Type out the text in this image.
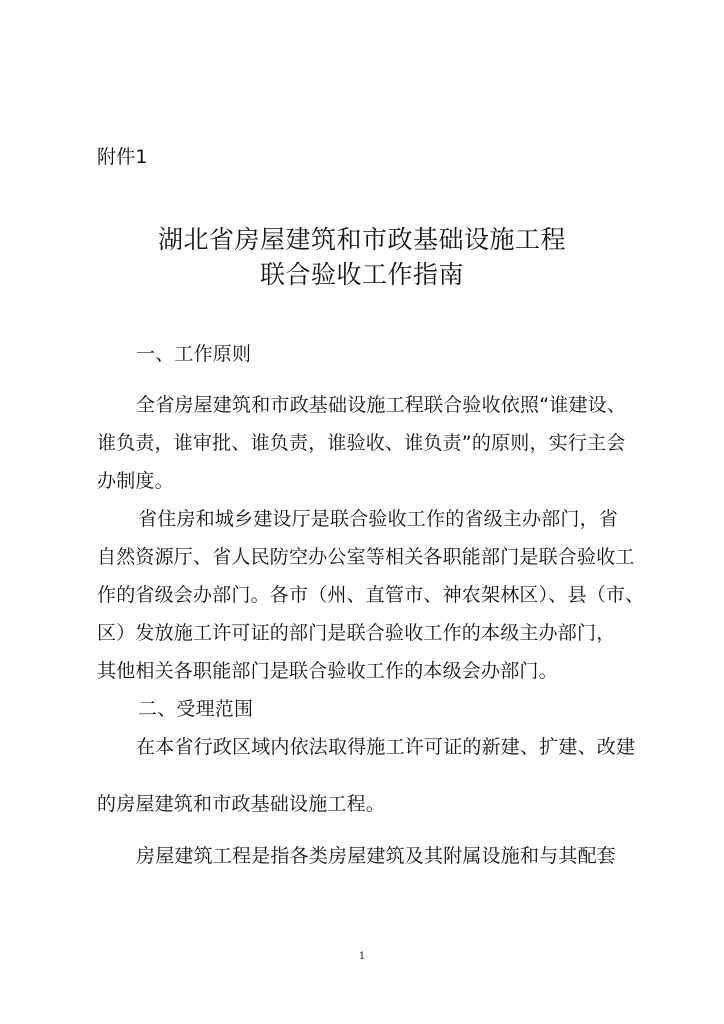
附件1
湖北省房屋建筑和市政基础设施工程
联合验收工作指南
一、工作原则
全省房屋建筑和市政基础设施工程联合验收依照“谁建设、
谁负责，谁审批、谁负责，谁验收、谁负责”的原则，实行主会
办制度。
省住房和城乡建设厅是联合验收工作的省级主办部门，省
自然资源厅、省人民防空办公室等相关各职能部门是联合验收工
作的省级会办部门。各市（州、直管市、神农架林区）、县（市、
区）发放施工许可证的部门是联合验收工作的本级主办部门，
其他相关各职能部门是联合验收工作的本级会办部门。
二、受理范围
在本省行政区域内依法取得施工许可证的新建、扩建、改建
的房屋建筑和市政基础设施工程。
房屋建筑工程是指各类房屋建筑及其附属设施和与其配套
1
